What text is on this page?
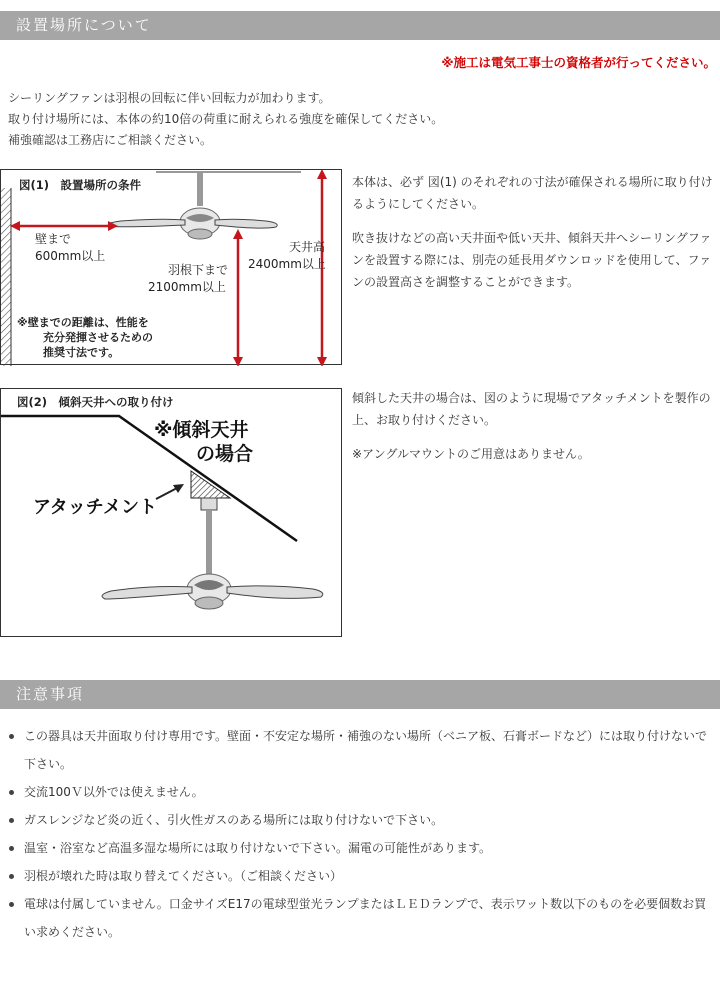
設置場所について
※施工は電気工事士の資格者が行ってください。

シーリングファンは羽根の回転に伴い回転力が加わります。

取り付け場所には、本体の約10倍の荷重に耐えられる強度を確保してください。

補強確認は工務店にご相談ください。

図(1)　設置場所の条件
壁まで
600mm以上
羽根下まで
2100mm以上
天井高
2400mm以上
※壁までの距離は、性能を
充分発揮させるための
推奨寸法です。

本体は、必ず 図(1) のそれぞれの寸法が確保される場所に取り付けるようにしてください。

吹き抜けなどの高い天井面や低い天井、傾斜天井へシーリングファンを設置する際には、別売の延長用ダウンロッドを使用して、ファンの設置高さを調整することができます。

図(2)　傾斜天井への取り付け
※傾斜天井
の場合
アタッチメント

傾斜した天井の場合は、図のように現場でアタッチメントを製作の上、お取り付けください。

※アングルマウントのご用意はありません。

注意事項
この器具は天井面取り付け専用です。壁面・不安定な場所・補強のない場所（ベニア板、石膏ボードなど）には取り付けないで下さい。
交流100Ｖ以外では使えません。
ガスレンジなど炎の近く、引火性ガスのある場所には取り付けないで下さい。
温室・浴室など高温多湿な場所には取り付けないで下さい。漏電の可能性があります。
羽根が壊れた時は取り替えてください。（ご相談ください）
電球は付属していません。口金サイズE17の電球型蛍光ランプまたはＬＥＤランプで、表示ワット数以下のものを必要個数お買い求めください。
